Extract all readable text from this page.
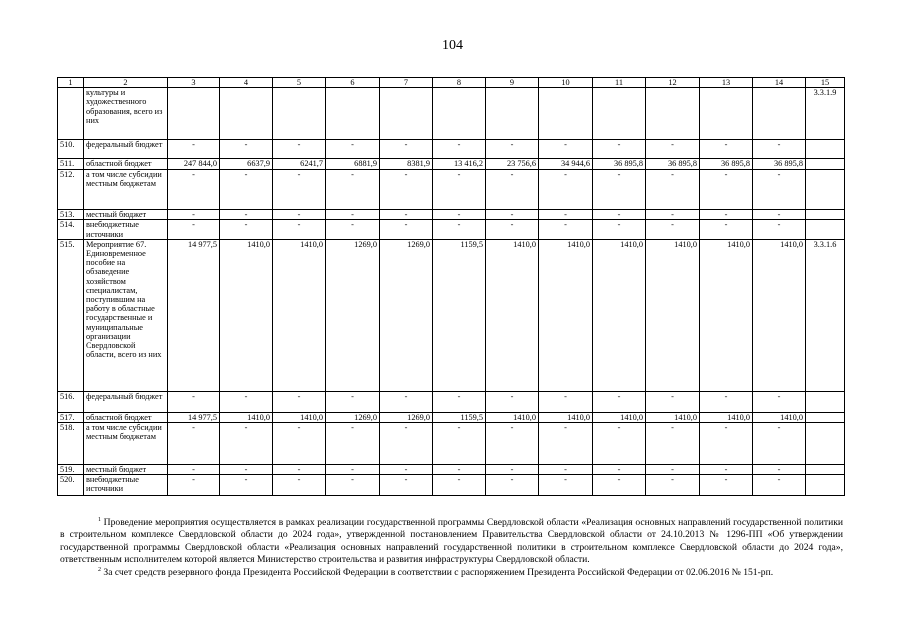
104
1	2	3	4	5	6	7	8	9	10	11	12	13	14	15
	культуры и художественного образования, всего из них													3.3.1.9
510.	федеральный бюджет	-	-	-	-	-	-	-	-	-	-	-	-	
511.	областной бюджет	247 844,0	6637,9	6241,7	6881,9	8381,9	13 416,2	23 756,6	34 944,6	36 895,8	36 895,8	36 895,8	36 895,8	
512.	а том числе субсидии местным бюджетам	-	-	-	-	-	-	-	-	-	-	-	-	
513.	местный бюджет	-	-	-	-	-	-	-	-	-	-	-	-	
514.	внебюджетные источники	-	-	-	-	-	-	-	-	-	-	-	-	
515.	Мероприятие 67. Единовременное пособие на обзаведение хозяйством специалистам, поступившим на работу в областные государственные и муниципальные организации Свердловской области, всего из них	14 977,5	1410,0	1410,0	1269,0	1269,0	1159,5	1410,0	1410,0	1410,0	1410,0	1410,0	1410,0	3.3.1.6
516.	федеральный бюджет	-	-	-	-	-	-	-	-	-	-	-	-	
517.	областной бюджет	14 977,5	1410,0	1410,0	1269,0	1269,0	1159,5	1410,0	1410,0	1410,0	1410,0	1410,0	1410,0	
518.	а том числе субсидии местным бюджетам	-	-	-	-	-	-	-	-	-	-	-	-	
519.	местный бюджет	-	-	-	-	-	-	-	-	-	-	-	-	
520.	внебюджетные источники	-	-	-	-	-	-	-	-	-	-	-	-	

$^1$ Проведение мероприятия осуществляется в рамках реализации государственной программы Свердловской области «Реализация основных направлений государственной политики в строительном комплексе Свердловской области до 2024 года», утвержденной постановлением Правительства Свердловской области от 24.10.2013 № 1296-ПП «Об утверждении государственной программы Свердловской области «Реализация основных направлений государственной политики в строительном комплексе Свердловской области до 2024 года», ответственным исполнителем которой является Министерство строительства и развития инфраструктуры Свердловской области.

$^2$ За счет средств резервного фонда Президента Российской Федерации в соответствии с распоряжением Президента Российской Федерации от 02.06.2016 № 151-рп.
